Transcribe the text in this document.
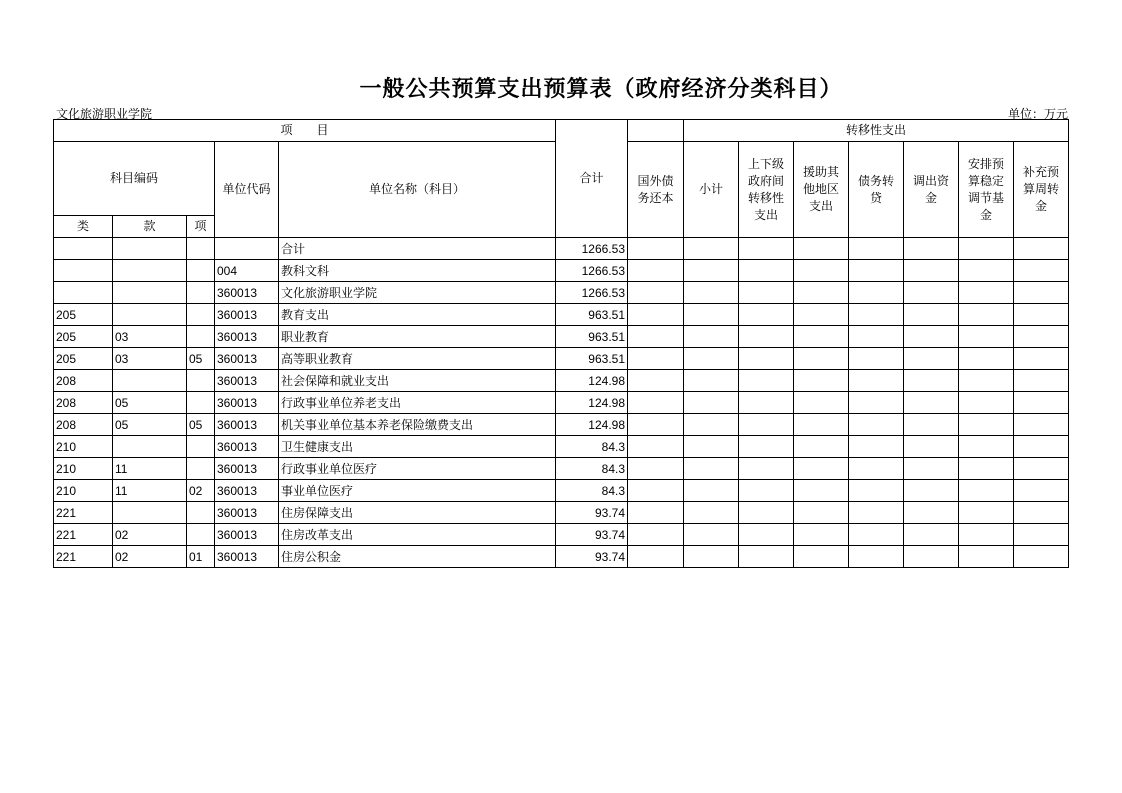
一般公共预算支出预算表（政府经济分类科目）
文化旅游职业学院	单位：万元
项　　目					合计		转移性支出						
科目编码			单位代码	单位名称（科目）		国外债务还本	小计	上下级政府间转移性支出	援助其他地区支出	债务转贷	调出资金	安排预算稳定调节基金	补充预算周转金
类	款	项											
				合计	1266.53								
			004	教科文科	1266.53								
			360013	文化旅游职业学院	1266.53								
205			360013	教育支出	963.51								
205	03		360013	职业教育	963.51								
205	03	05	360013	高等职业教育	963.51								
208			360013	社会保障和就业支出	124.98								
208	05		360013	行政事业单位养老支出	124.98								
208	05	05	360013	机关事业单位基本养老保险缴费支出	124.98								
210			360013	卫生健康支出	84.3								
210	11		360013	行政事业单位医疗	84.3								
210	11	02	360013	事业单位医疗	84.3								
221			360013	住房保障支出	93.74								
221	02		360013	住房改革支出	93.74								
221	02	01	360013	住房公积金	93.74								
